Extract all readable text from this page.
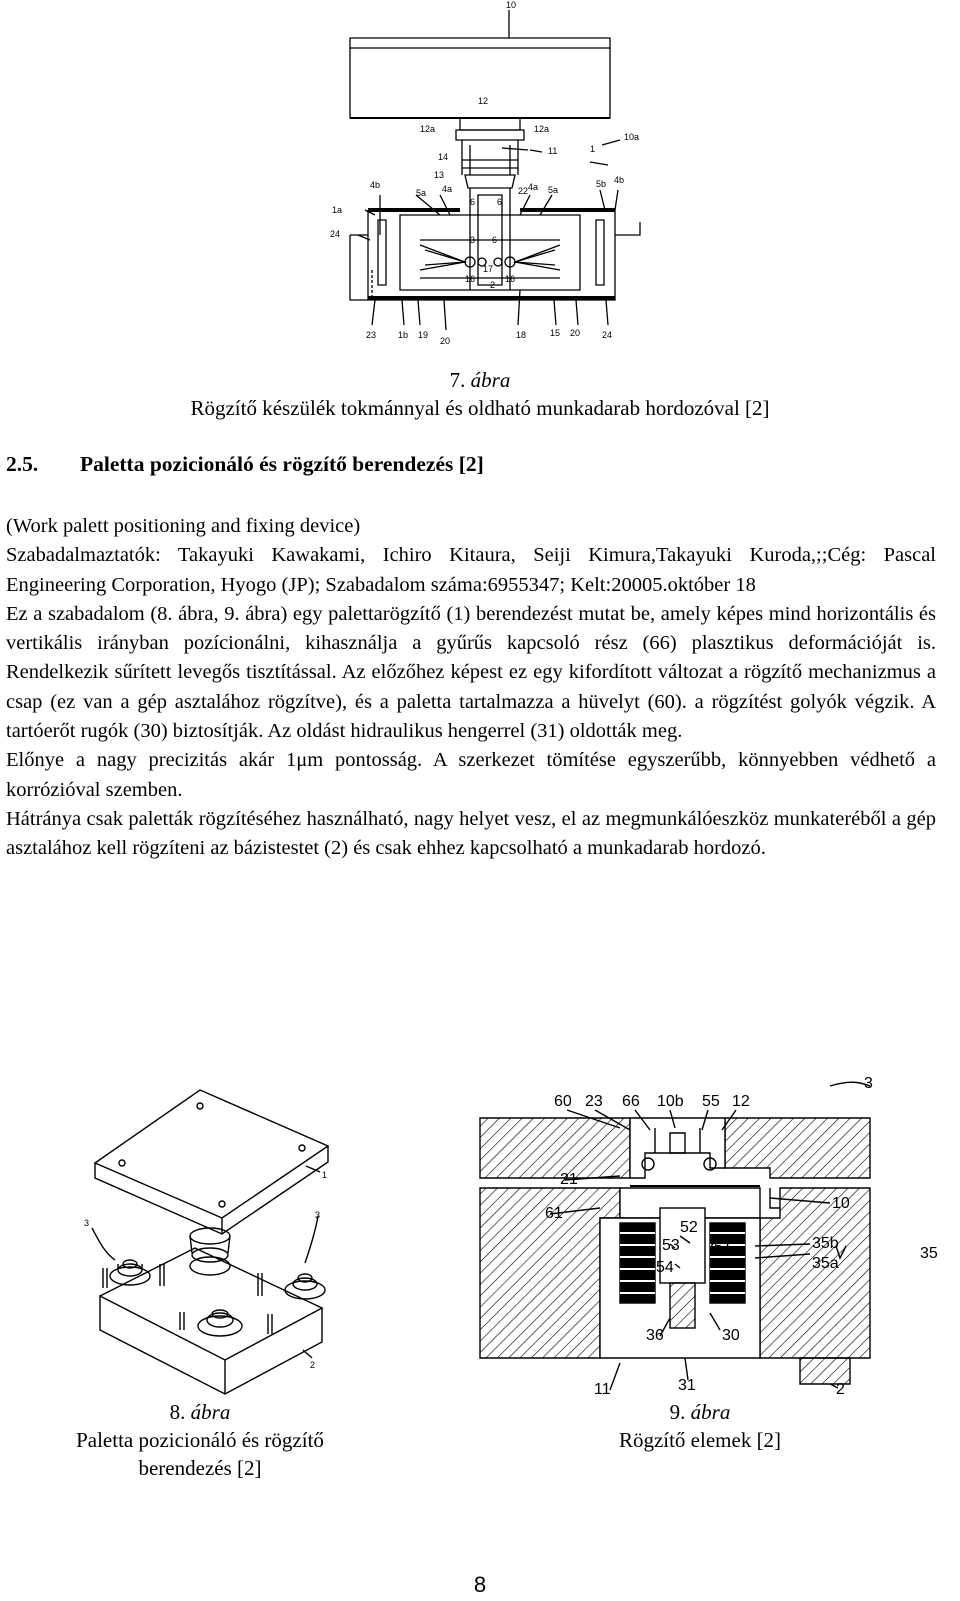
10
12
12a	12a
10a
11	1
14
13
4b
5a 4a	22 4a 5a
5b 4b
1a
24
6 6
3 6
17
16	16
2
23 1b 19
20
18	15 20 24
7. ábra
Rögzítő készülék tokmánnyal és oldható munkadarab hordozóval [2]
2.5. Paletta pozicionáló és rögzítő berendezés [2]

(Work palett positioning and fixing device)

Szabadalmaztatók: Takayuki Kawakami, Ichiro Kitaura, Seiji Kimura,Takayuki Kuroda,;;Cég: Pascal Engineering Corporation, Hyogo (JP); Szabadalom száma:6955347; Kelt:20005.október 18

Ez a szabadalom (8. ábra, 9. ábra) egy palettarögzítő (1) berendezést mutat be, amely képes mind horizontális és vertikális irányban pozícionálni, kihasználja a gyűrűs kapcsoló rész (66) plasztikus deformációját is. Rendelkezik sűrített levegős tisztítással. Az előzőhez képest ez egy kifordított változat a rögzítő mechanizmus a csap (ez van a gép asztalához rögzítve), és a paletta tartalmazza a hüvelyt (60). a rögzítést golyók végzik. A tartóerőt rugók (30) biztosítják. Az oldást hidraulikus hengerrel (31) oldották meg.

Előnye a nagy precizitás akár 1μm pontosság. A szerkezet tömítése egyszerűbb, könnyebben védhető a korrózióval szemben.

Hátránya csak paletták rögzítéséhez használható, nagy helyet vesz, el az megmunkálóeszköz munkateréből a gép asztalához kell rögzíteni az bázistestet (2) és csak ehhez kapcsolható a munkadarab hordozó.

1
3
3
2
8. ábra
Paletta pozicionáló és rögzítő
berendezés [2]
3
60 23 66 10b 55 12
21
61
10
52
53 51
54
35b
35a
35
36	30
11	31	2
9. ábra
Rögzítő elemek [2]
8
